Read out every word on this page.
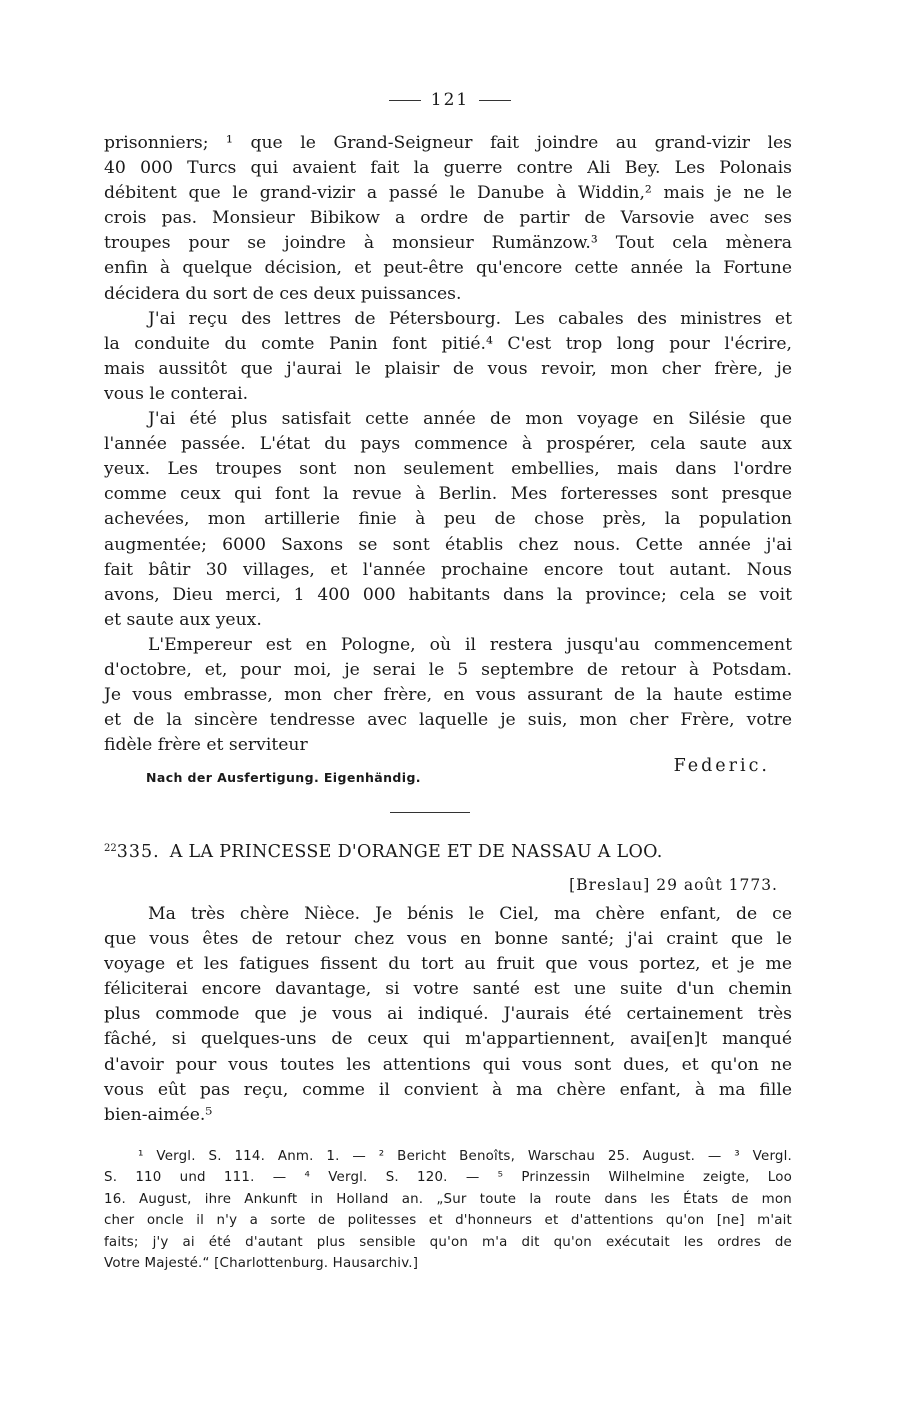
121
prisonniers; ¹ que le Grand-Seigneur fait joindre au grand-vizir les
40 000 Turcs qui avaient fait la guerre contre Ali Bey. Les Polonais
débitent que le grand-vizir a passé le Danube à Widdin,² mais je ne le
crois pas. Monsieur Bibikow a ordre de partir de Varsovie avec ses
troupes pour se joindre à monsieur Rumänzow.³ Tout cela mènera
enfin à quelque décision, et peut-être qu'encore cette année la Fortune
décidera du sort de ces deux puissances.
J'ai reçu des lettres de Pétersbourg. Les cabales des ministres et
la conduite du comte Panin font pitié.⁴ C'est trop long pour l'écrire,
mais aussitôt que j'aurai le plaisir de vous revoir, mon cher frère, je
vous le conterai.
J'ai été plus satisfait cette année de mon voyage en Silésie que
l'année passée. L'état du pays commence à prospérer, cela saute aux
yeux. Les troupes sont non seulement embellies, mais dans l'ordre
comme ceux qui font la revue à Berlin. Mes forteresses sont presque
achevées, mon artillerie finie à peu de chose près, la population
augmentée; 6000 Saxons se sont établis chez nous. Cette année j'ai
fait bâtir 30 villages, et l'année prochaine encore tout autant. Nous
avons, Dieu merci, 1 400 000 habitants dans la province; cela se voit
et saute aux yeux.
L'Empereur est en Pologne, où il restera jusqu'au commencement
d'octobre, et, pour moi, je serai le 5 septembre de retour à Potsdam.
Je vous embrasse, mon cher frère, en vous assurant de la haute estime
et de la sincère tendresse avec laquelle je suis, mon cher Frère, votre
fidèle frère et serviteur
Nach der Ausfertigung. Eigenhändig.
Federic.
$^{22}$335. A LA PRINCESSE D'ORANGE ET DE NASSAU A LOO.
[Breslau] 29 août 1773.
Ma très chère Nièce. Je bénis le Ciel, ma chère enfant, de ce
que vous êtes de retour chez vous en bonne santé; j'ai craint que le
voyage et les fatigues fissent du tort au fruit que vous portez, et je me
féliciterai encore davantage, si votre santé est une suite d'un chemin
plus commode que je vous ai indiqué. J'aurais été certainement très
fâché, si quelques-uns de ceux qui m'appartiennent, avai[en]t manqué
d'avoir pour vous toutes les attentions qui vous sont dues, et qu'on ne
vous eût pas reçu, comme il convient à ma chère enfant, à ma fille
bien-aimée.⁵
¹ Vergl. S. 114. Anm. 1. — ² Bericht Benoîts, Warschau 25. August. — ³ Vergl.
S. 110 und 111. — ⁴ Vergl. S. 120. — ⁵ Prinzessin Wilhelmine zeigte, Loo
16. August, ihre Ankunft in Holland an. „Sur toute la route dans les États de mon
cher oncle il n'y a sorte de politesses et d'honneurs et d'attentions qu'on [ne] m'ait
faits; j'y ai été d'autant plus sensible qu'on m'a dit qu'on exécutait les ordres de
Votre Majesté.“ [Charlottenburg. Hausarchiv.]
